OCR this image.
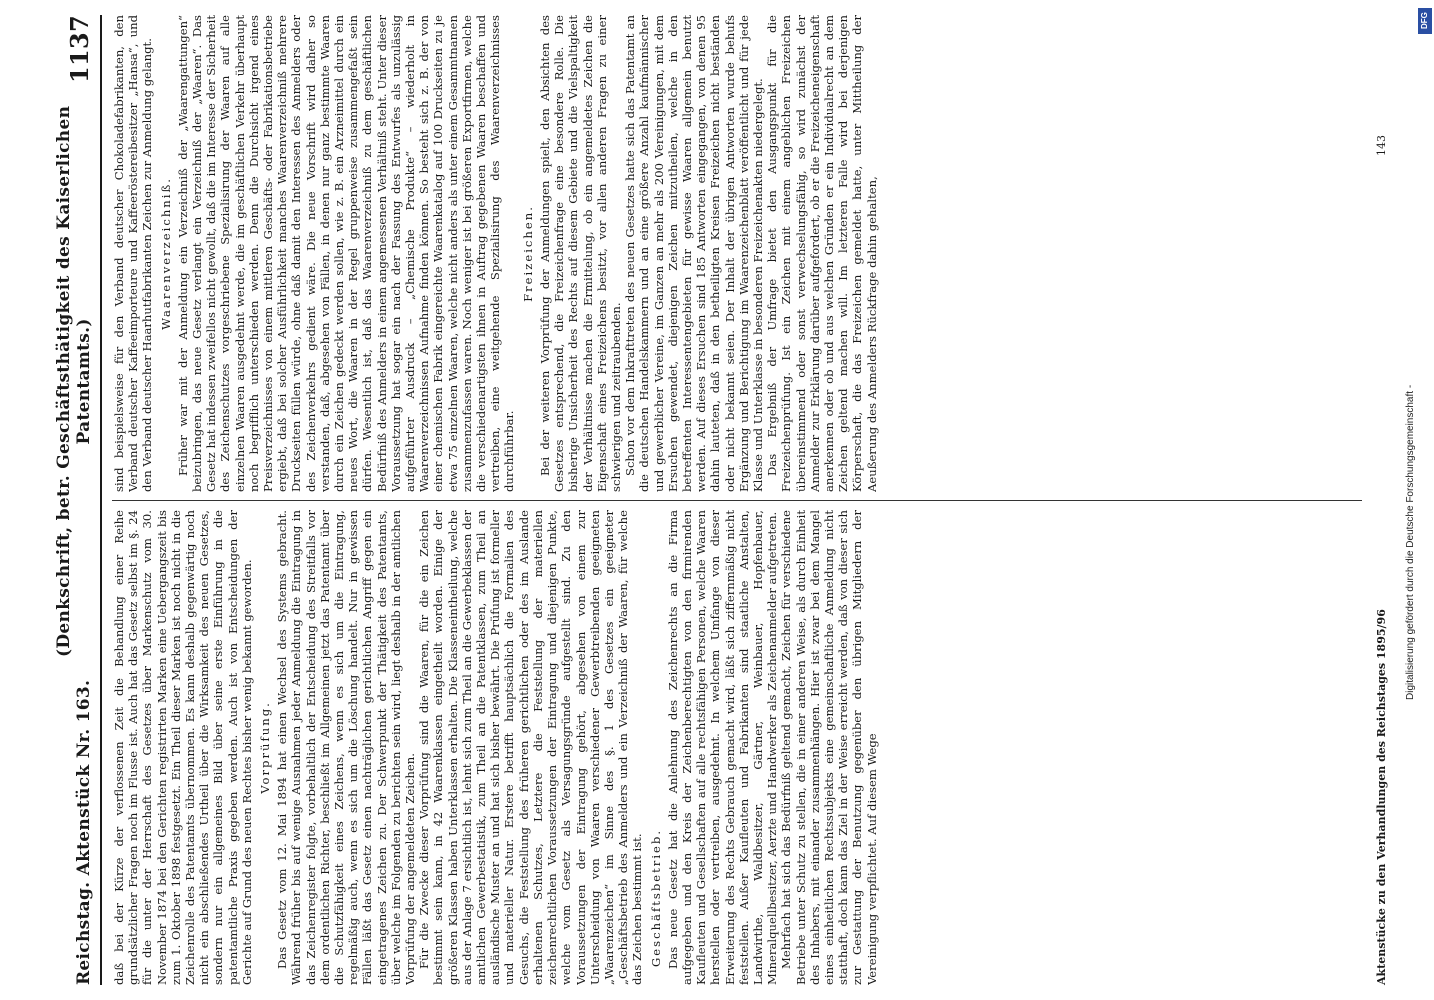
Reichstag. Aktenstück Nr. 163.
(Denkschrift, betr. Geschäftsthätigkeit des Kaiserlichen Patentamts.)
1137

daß bei der Kürze der verflossenen Zeit die Behandlung einer Reihe grundsätzlicher Fragen noch im Flusse ist. Auch hat das Gesetz selbst im §. 24 für die unter der Herrschaft des Gesetzes über Markenschutz vom 30. November 1874 bei den Gerichten registrirten Marken eine Uebergangszeit bis zum 1. Oktober 1898 festgesetzt. Ein Theil dieser Marken ist noch nicht in die Zeichenrolle des Patentamts übernommen. Es kann deshalb gegenwärtig noch nicht ein abschließendes Urtheil über die Wirksamkeit des neuen Gesetzes, sondern nur ein allgemeines Bild über seine erste Einführung in die patentamtliche Praxis gegeben werden. Auch ist von Entscheidungen der Gerichte auf Grund des neuen Rechtes bisher wenig bekannt geworden. Vorprüfung. Das Gesetz vom 12. Mai 1894 hat einen Wechsel des Systems gebracht. Während früher bis auf wenige Ausnahmen jeder Anmeldung die Eintragung in das Zeichenregister folgte, vorbehaltlich der Entscheidung des Streitfalls vor dem ordentlichen Richter, beschließt im Allgemeinen jetzt das Patentamt über die Schutzfähigkeit eines Zeichens, wenn es sich um die Eintragung, regelmäßig auch, wenn es sich um die Löschung handelt. Nur in gewissen Fällen läßt das Gesetz einen nachträglichen gerichtlichen Angriff gegen ein eingetragenes Zeichen zu. Der Schwerpunkt der Thätigkeit des Patentamts, über welche im Folgenden zu berichten sein wird, liegt deshalb in der amtlichen Vorprüfung der angemeldeten Zeichen. Für die Zwecke dieser Vorprüfung sind die Waaren, für die ein Zeichen bestimmt sein kann, in 42 Waarenklassen eingetheilt worden. Einige der größeren Klassen haben Unterklassen erhalten. Die Klasseneintheilung, welche aus der Anlage 7 ersichtlich ist, lehnt sich zum Theil an die Gewerbeklassen der amtlichen Gewerbestatistik, zum Theil an die Patentklassen, zum Theil an ausländische Muster an und hat sich bisher bewährt. Die Prüfung ist formeller und materieller Natur. Erstere betrifft hauptsächlich die Formalien des Gesuchs, die Feststellung des früheren gerichtlichen oder des im Auslande erhaltenen Schutzes, Letztere die Feststellung der materiellen zeichenrechtlichen Voraussetzungen der Eintragung und diejenigen Punkte, welche vom Gesetz als Versagungsgründe aufgestellt sind. Zu den Voraussetzungen der Eintragung gehört, abgesehen von einem zur Unterscheidung von Waaren verschiedener Gewerbtreibenden geeigneten „Waarenzeichen“ im Sinne des §. 1 des Gesetzes ein geeigneter „Geschäftsbetrieb des Anmelders und ein Verzeichniß der Waaren, für welche das Zeichen bestimmt ist. Geschäftsbetrieb. Das neue Gesetz hat die Anlehnung des Zeichenrechts an die Firma aufgegeben und den Kreis der Zeichenberechtigten von den firmirenden Kaufleuten und Gesellschaften auf alle rechtsfähigen Personen, welche Waaren herstellen oder vertreiben, ausgedehnt. In welchem Umfange von dieser Erweiterung des Rechts Gebrauch gemacht wird, läßt sich ziffernmäßig nicht feststellen. Außer Kaufleuten und Fabrikanten sind staatliche Anstalten, Landwirthe, Waldbesitzer, Gärtner, Weinbauer, Hopfenbauer, Mineralquellbesitzer, Aerzte und Handwerker als Zeichenanmelder aufgetreten. Mehrfach hat sich das Bedürfniß geltend gemacht, Zeichen für verschiedene Betriebe unter Schutz zu stellen, die in einer anderen Weise, als durch Einheit des Inhabers, mit einander zusammenhängen. Hier ist zwar bei dem Mangel eines einheitlichen Rechtssubjekts eine gemeinschaftliche Anmeldung nicht statthaft, doch kann das Ziel in der Weise erreicht werden, daß von dieser sich zur Gestattung der Benutzung gegenüber den übrigen Mitgliedern der Vereinigung verpflichtet. Auf diesem Wege

sind beispielsweise für den Verband deutscher Chokoladefabrikanten, den Verband deutscher Kaffeeimporteure und Kaffeeröstereibesitzer „Hansa“, und den Verband deutscher Haarhutfabrikanten Zeichen zur Anmeldung gelangt. Waarenverzeichniß. Früher war mit der Anmeldung ein Verzeichniß der „Waarengattungen“ beizubringen, das neue Gesetz verlangt ein Verzeichniß der „Waaren“. Das Gesetz hat indessen zweifellos nicht gewollt, daß die im Interesse der Sicherheit des Zeichenschutzes vorgeschriebene Spezialisirung der Waaren auf alle einzelnen Waaren ausgedehnt werde, die im geschäftlichen Verkehr überhaupt noch begrifflich unterschieden werden. Denn die Durchsicht irgend eines Preisverzeichnisses von einem mittleren Geschäfts- oder Fabrikationsbetriebe ergiebt, daß bei solcher Ausführlichkeit manches Waarenverzeichniß mehrere Druckseiten füllen würde, ohne daß damit den Interessen des Anmelders oder des Zeichenverkehrs gedient wäre. Die neue Vorschrift wird daher so verstanden, daß, abgesehen von Fällen, in denen nur ganz bestimmte Waaren durch ein Zeichen gedeckt werden sollen, wie z. B. ein Arzneimittel durch ein neues Wort, die Waaren in der Regel gruppenweise zusammengefaßt sein dürfen. Wesentlich ist, daß das Waarenverzeichniß zu dem geschäftlichen Bedürfniß des Anmelders in einem angemessenen Verhältniß steht. Unter dieser Voraussetzung hat sogar ein nach der Fassung des Entwurfes als unzulässig aufgeführter Ausdruck – „Chemische Produkte“ – wiederholt in Waarenverzeichnissen Aufnahme finden können. So besteht sich z. B. der von einer chemischen Fabrik eingereichte Waarenkatalog auf 100 Druckseiten zu je etwa 75 einzelnen Waaren, welche nicht anders als unter einem Gesammtnamen zusammenzufassen waren. Noch weniger ist bei größeren Exportfirmen, welche die verschiedenartigsten ihnen in Auftrag gegebenen Waaren beschaffen und vertreiben, eine weitgehende Spezialisirung des Waarenverzeichnisses durchführbar.

Freizeichen. Bei der weiteren Vorprüfung der Anmeldungen spielt, den Absichten des Gesetzes entsprechend, die Freizeichenfrage eine besondere Rolle. Die bisherige Unsicherheit des Rechts auf diesem Gebiete und die Vielspaltigkeit der Verhältnisse machen die Ermittelung, ob ein angemeldetes Zeichen die Eigenschaft eines Freizeichens besitzt, vor allen anderen Fragen zu einer schwierigen und zeitraubenden. Schon vor dem Inkrafttreten des neuen Gesetzes hatte sich das Patentamt an die deutschen Handelskammern und an eine größere Anzahl kaufmännischer und gewerblicher Vereine, im Ganzen an mehr als 200 Vereinigungen, mit dem Ersuchen gewendet, diejenigen Zeichen mitzutheilen, welche in den betreffenten Interessentengebieten für gewisse Waaren allgemein benutzt werden. Auf dieses Ersuchen sind 185 Antworten eingegangen, von denen 95 dahin lauteten, daß in den betheiligten Kreisen Freizeichen nicht beständen oder nicht bekannt seien. Der Inhalt der übrigen Antworten wurde behufs Ergänzung und Berichtigung im Waarenzeichenblatt veröffentlicht und für jede Klasse und Unterklasse in besonderen Freizeichenakten niedergelegt. Das Ergebniß der Umfrage bietet den Ausgangspunkt für die Freizeichenprüfung. Ist ein Zeichen mit einem angeblichen Freizeichen übereinstimmend oder sonst verwechselungsfähig, so wird zunächst der Anmelder zur Erklärung darüber aufgefordert, ob er die Freizeicheneigenschaft anerkennen oder ob und aus welchen Gründen er ein Individualrecht an dem Zeichen geltend machen will. Im letzteren Falle wird bei derjenigen Körperschaft, die das Freizeichen gemeldet hatte, unter Mittheilung der Aeußerung des Anmelders Rückfrage dahin gehalten,

Aktenstücke zu den Verhandlungen des Reichstages 1895/96
143
Digitalisierung gefördert durch die Deutsche Forschungsgemeinschaft -
DFG
